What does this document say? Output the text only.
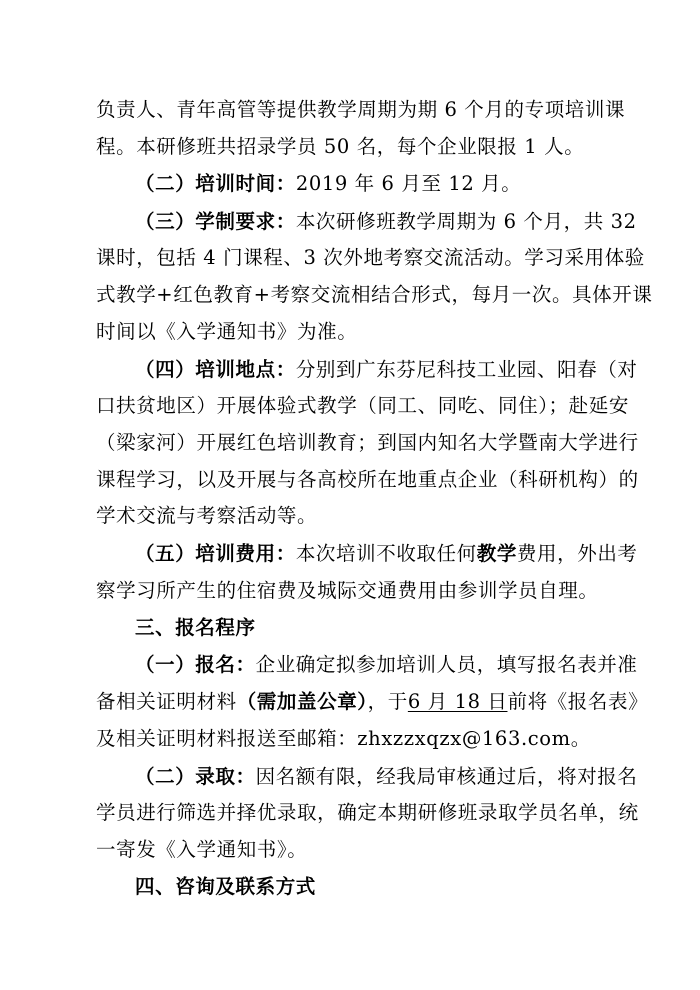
负责人、青年高管等提供教学周期为期 6 个月的专项培训课
程。本研修班共招录学员 50 名，每个企业限报 1 人。
（二）培训时间：2019 年 6 月至 12 月。
（三）学制要求：本次研修班教学周期为 6 个月，共 32
课时，包括 4 门课程、3 次外地考察交流活动。学习采用体验
式教学+红色教育+考察交流相结合形式，每月一次。具体开课
时间以《入学通知书》为准。
（四）培训地点：分别到广东芬尼科技工业园、阳春（对
口扶贫地区）开展体验式教学（同工、同吃、同住）；赴延安
（梁家河）开展红色培训教育；到国内知名大学暨南大学进行
课程学习，以及开展与各高校所在地重点企业（科研机构）的
学术交流与考察活动等。
（五）培训费用：本次培训不收取任何教学费用，外出考
察学习所产生的住宿费及城际交通费用由参训学员自理。
三、报名程序
（一）报名：企业确定拟参加培训人员，填写报名表并准
备相关证明材料（需加盖公章），于6 月 18 日前将《报名表》
及相关证明材料报送至邮箱：zhxzzxqzx@163.com。
（二）录取：因名额有限，经我局审核通过后，将对报名
学员进行筛选并择优录取，确定本期研修班录取学员名单，统
一寄发《入学通知书》。
四、咨询及联系方式
